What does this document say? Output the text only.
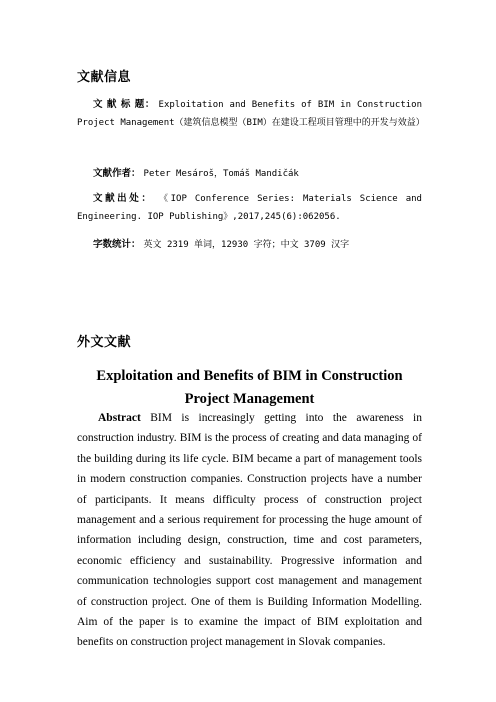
文献信息
文 献 标 题： Exploitation and Benefits of BIM in Construction Project Management（建筑信息模型（BIM）在建设工程项目管理中的开发与效益）
文献作者： Peter Mesároš，Tomáš Mandičák
文献出处： 《IOP Conference Series: Materials Science and Engineering. IOP Publishing》,2017,245(6):062056.
字数统计： 英文 2319 单词，12930 字符；中文 3709 汉字
外文文献
Exploitation and Benefits of BIM in Construction Project Management
Abstract BIM is increasingly getting into the awareness in construction industry. BIM is the process of creating and data managing of the building during its life cycle. BIM became a part of management tools in modern construction companies. Construction projects have a number of participants. It means difficulty process of construction project management and a serious requirement for processing the huge amount of information including design, construction, time and cost parameters, economic efficiency and sustainability. Progressive information and communication technologies support cost management and management of construction project. One of them is Building Information Modelling. Aim of the paper is to examine the impact of BIM exploitation and benefits on construction project management in Slovak companies.
